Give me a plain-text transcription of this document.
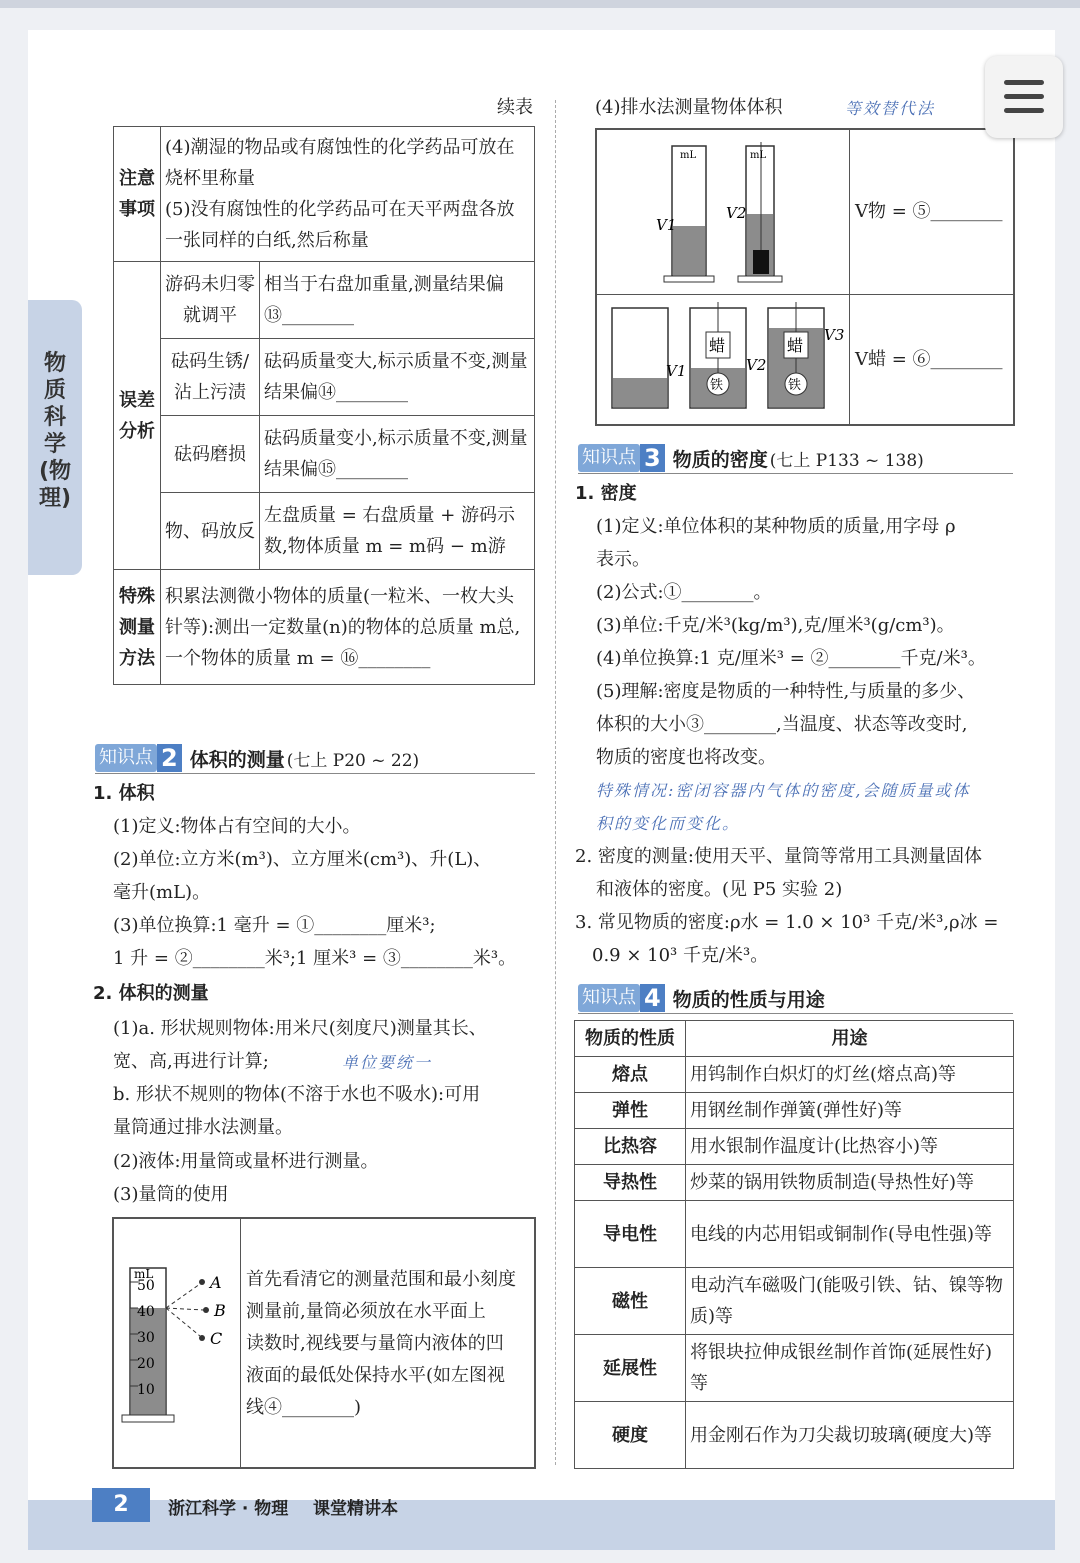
物质科学(物理)
续表
注意事项	(4)潮湿的物品或有腐蚀性的化学药品可放在烧杯里称量
(5)没有腐蚀性的化学药品可在天平两盘各放一张同样的白纸,然后称量	

误差分析	游码未归零就调平	相当于右盘加重量,测量结果偏⑬________
	砝码生锈/沾上污渍	砝码质量变大,标示质量不变,测量结果偏⑭________
	砝码磨损	砝码质量变小,标示质量不变,测量结果偏⑮________
	物、码放反	左盘质量 = 右盘质量 + 游码示数,物体质量 m = m码 − m游
特殊测量方法	积累法测微小物体的质量(一粒米、一枚大头针等):测出一定数量(n)的物体的总质量 m总,一个物体的质量 m = ⑯________	
知识点 2 体积的测量 (七上 P20 ~ 22)
1. 体积
(1)定义:物体占有空间的大小。
(2)单位:立方米(m³)、立方厘米(cm³)、升(L)、
毫升(mL)。
(3)单位换算:1 毫升 = ①________厘米³;
1 升 = ②________米³;1 厘米³ = ③________米³。
2. 体积的测量
(1)a. 形状规则物体:用米尺(刻度尺)测量其长、
宽、高,再进行计算;	单位要统一
b. 形状不规则的物体(不溶于水也不吸水):可用
量筒通过排水法测量。
(2)液体:用量筒或量杯进行测量。
(3)量筒的使用
mL
50
40
30
20
10
A
B
C
首先看清它的测量范围和最小刻度
测量前,量筒必须放在水平面上
读数时,视线要与量筒内液体的凹
液面的最低处保持水平(如左图视
线④________)
(4)排水法测量物体体积	等效替代法
mL
V1
mL
V2	V物 = ⑤________
V1
蜡
铁
V2
蜡
铁
V3
V蜡 = ⑥________
知识点 3 物质的密度 (七上 P133 ~ 138)
1. 密度
(1)定义:单位体积的某种物质的质量,用字母 ρ
表示。
(2)公式:①________。
(3)单位:千克/米³(kg/m³),克/厘米³(g/cm³)。
(4)单位换算:1 克/厘米³ = ②________千克/米³。
(5)理解:密度是物质的一种特性,与质量的多少、
体积的大小③________,当温度、状态等改变时,
物质的密度也将改变。
特殊情况:密闭容器内气体的密度,会随质量或体
积的变化而变化。
2. 密度的测量:使用天平、量筒等常用工具测量固体
和液体的密度。(见 P5 实验 2)
3. 常见物质的密度:ρ水 = 1.0 × 10³ 千克/米³,ρ冰 =
0.9 × 10³ 千克/米³。
知识点 4 物质的性质与用途
物质的性质	用途
熔点	用钨制作白炽灯的灯丝(熔点高)等
弹性	用钢丝制作弹簧(弹性好)等
比热容	用水银制作温度计(比热容小)等
导热性	炒菜的锅用铁物质制造(导热性好)等
导电性	电线的内芯用铝或铜制作(导电性强)等
磁性	电动汽车磁吸门(能吸引铁、钴、镍等物质)等
延展性	将银块拉伸成银丝制作首饰(延展性好)等
硬度	用金刚石作为刀尖裁切玻璃(硬度大)等
2	浙江科学 · 物理 课堂精讲本
